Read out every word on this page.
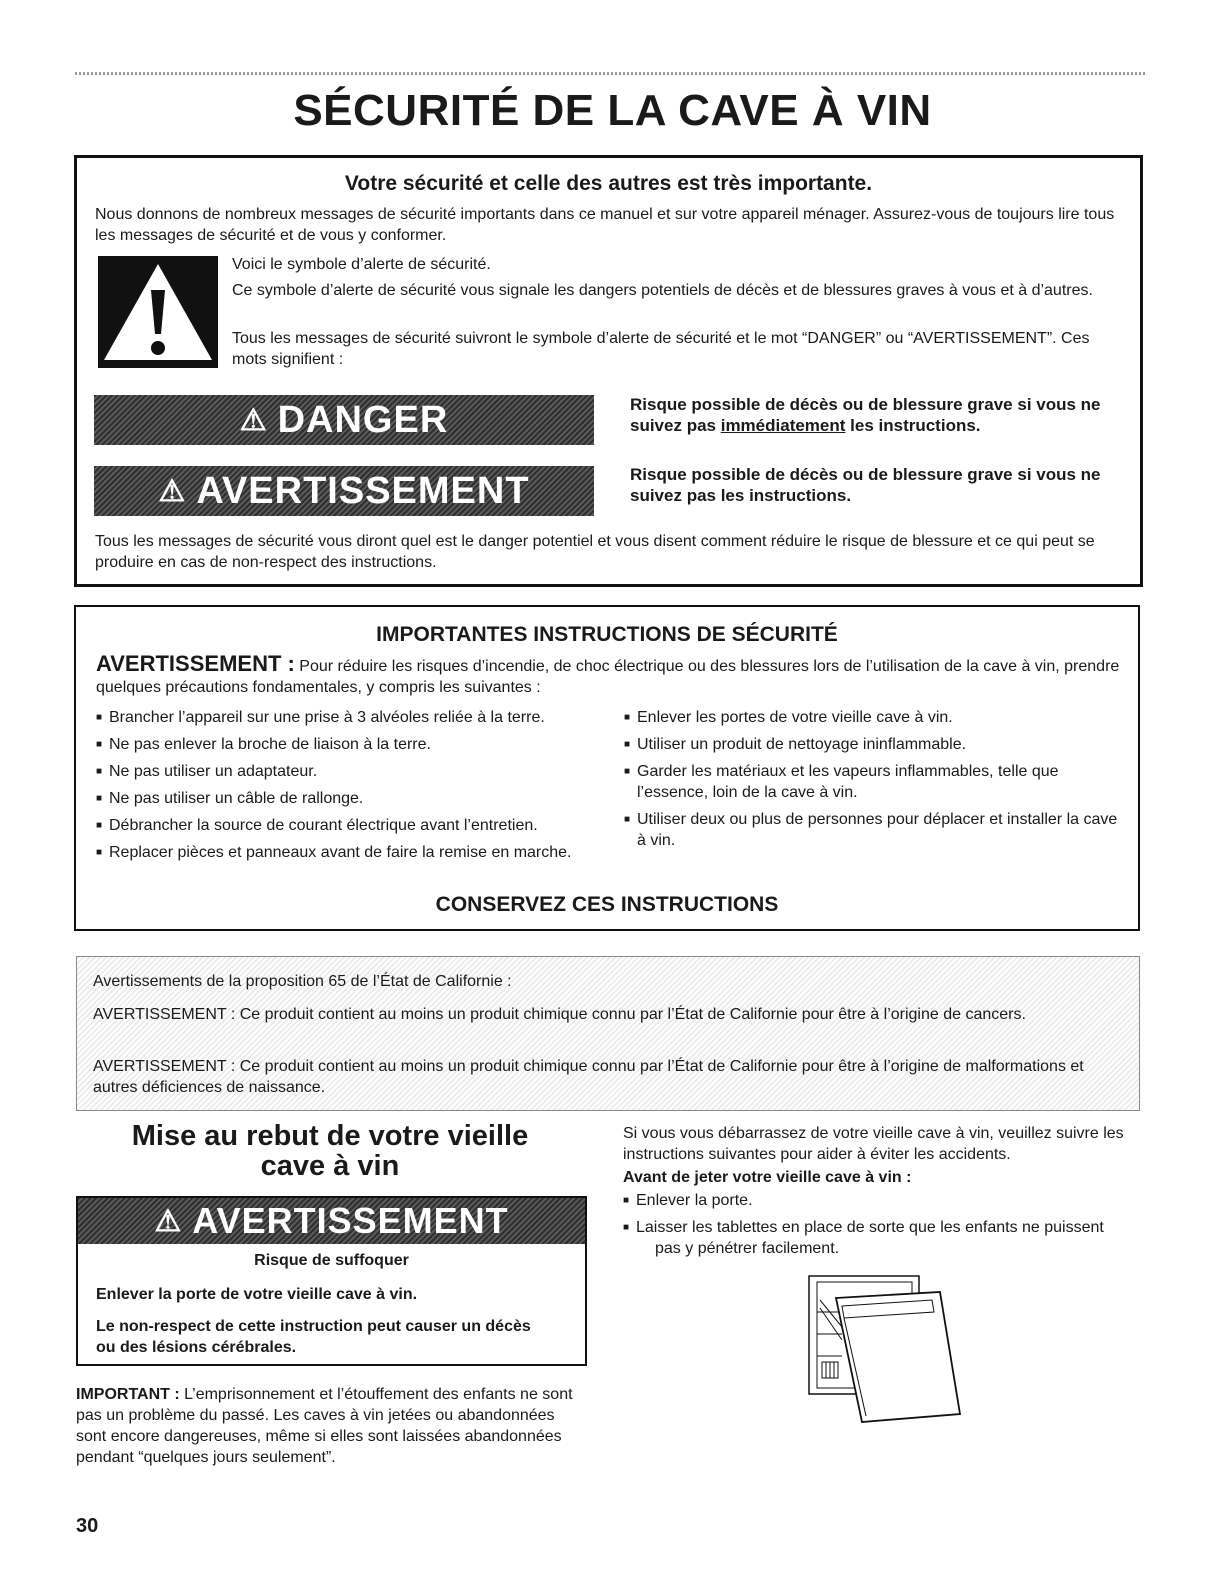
SÉCURITÉ DE LA CAVE À VIN
Votre sécurité et celle des autres est très importante.
Nous donnons de nombreux messages de sécurité importants dans ce manuel et sur votre appareil ménager. Assurez-vous de toujours lire tous les messages de sécurité et de vous y conformer.
Voici le symbole d’alerte de sécurité.
Ce symbole d’alerte de sécurité vous signale les dangers potentiels de décès et de blessures graves à vous et à d’autres.
Tous les messages de sécurité suivront le symbole d’alerte de sécurité et le mot “DANGER” ou “AVERTISSEMENT”. Ces mots signifient :
⚠ DANGER	Risque possible de décès ou de blessure grave si vous ne suivez pas immédiatement les instructions.
⚠ AVERTISSEMENT	Risque possible de décès ou de blessure grave si vous ne suivez pas les instructions.
Tous les messages de sécurité vous diront quel est le danger potentiel et vous disent comment réduire le risque de blessure et ce qui peut se produire en cas de non-respect des instructions.
IMPORTANTES INSTRUCTIONS DE SÉCURITÉ
AVERTISSEMENT : Pour réduire les risques d’incendie, de choc électrique ou des blessures lors de l’utilisation de la cave à vin, prendre quelques précautions fondamentales, y compris les suivantes :
■ Brancher l’appareil sur une prise à 3 alvéoles reliée à la terre.
■ Ne pas enlever la broche de liaison à la terre.
■ Ne pas utiliser un adaptateur.
■ Ne pas utiliser un câble de rallonge.
■ Débrancher la source de courant électrique avant l’entretien.
■ Replacer pièces et panneaux avant de faire la remise en marche.
■ Enlever les portes de votre vieille cave à vin.
■ Utiliser un produit de nettoyage ininflammable.
■ Garder les matériaux et les vapeurs inflammables, telle que l’essence, loin de la cave à vin.
■ Utiliser deux ou plus de personnes pour déplacer et installer la cave à vin.
CONSERVEZ CES INSTRUCTIONS
Avertissements de la proposition 65 de l’État de Californie :
AVERTISSEMENT : Ce produit contient au moins un produit chimique connu par l’État de Californie pour être à l’origine de cancers.
AVERTISSEMENT : Ce produit contient au moins un produit chimique connu par l’État de Californie pour être à l’origine de malformations et autres déficiences de naissance.
Mise au rebut de votre vieille cave à vin
⚠ AVERTISSEMENT
Risque de suffoquer
Enlever la porte de votre vieille cave à vin.
Le non-respect de cette instruction peut causer un décès ou des lésions cérébrales.
IMPORTANT : L’emprisonnement et l’étouffement des enfants ne sont pas un problème du passé. Les caves à vin jetées ou abandonnées sont encore dangereuses, même si elles sont laissées abandonnées pendant “quelques jours seulement”.
Si vous vous débarrassez de votre vieille cave à vin, veuillez suivre les instructions suivantes pour aider à éviter les accidents.
Avant de jeter votre vieille cave à vin :
■ Enlever la porte.
■ Laisser les tablettes en place de sorte que les enfants ne puissent pas y pénétrer facilement.
30
